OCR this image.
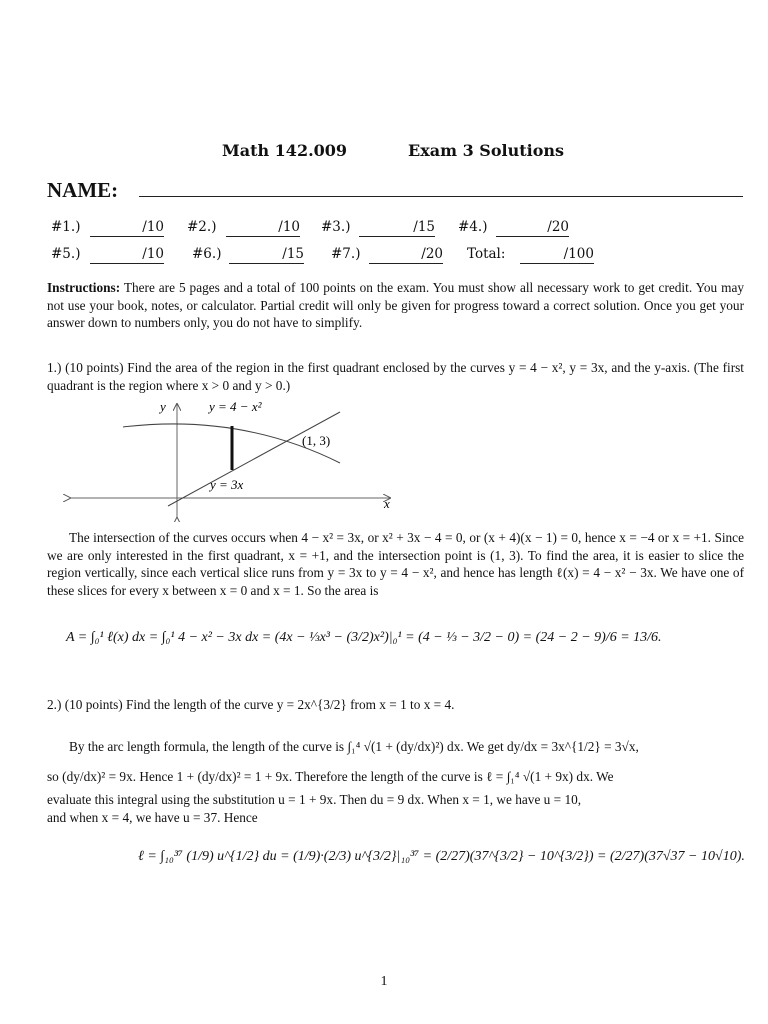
Math 142.009	Exam 3 Solutions
NAME:
#1.)	/10 #2.)	/10 #3.)	/15 #4.)	/20
#5.)	/10 #6.)	/15 #7.)	/20 Total:	/100
Instructions: There are 5 pages and a total of 100 points on the exam. You must show all necessary work to get credit. You may not use your book, notes, or calculator. Partial credit will only be given for progress toward a correct solution. Once you get your answer down to numbers only, you do not have to simplify.
1.) (10 points) Find the area of the region in the first quadrant enclosed by the curves y = 4 − x², y = 3x, and the y-axis. (The first quadrant is the region where x > 0 and y > 0.)
y
x
y = 4 − x²
y = 3x
(1, 3)
The intersection of the curves occurs when 4 − x² = 3x, or x² + 3x − 4 = 0, or (x + 4)(x − 1) = 0, hence x = −4 or x = +1. Since we are only interested in the first quadrant, x = +1, and the intersection point is (1, 3). To find the area, it is easier to slice the region vertically, since each vertical slice runs from y = 3x to y = 4 − x², and hence has length ℓ(x) = 4 − x² − 3x. We have one of these slices for every x between x = 0 and x = 1. So the area is
A = ∫₀¹ ℓ(x) dx = ∫₀¹ 4 − x² − 3x dx = (4x − ⅓x³ − (3/2)x²)|₀¹ = (4 − ⅓ − 3/2 − 0) = (24 − 2 − 9)/6 = 13/6.
2.) (10 points) Find the length of the curve y = 2x^{3/2} from x = 1 to x = 4.
By the arc length formula, the length of the curve is ∫₁⁴ √(1 + (dy/dx)²) dx. We get dy/dx = 3x^{1/2} = 3√x,
so (dy/dx)² = 9x. Hence 1 + (dy/dx)² = 1 + 9x. Therefore the length of the curve is ℓ = ∫₁⁴ √(1 + 9x) dx. We
evaluate this integral using the substitution u = 1 + 9x. Then du = 9 dx. When x = 1, we have u = 10,
and when x = 4, we have u = 37. Hence
ℓ = ∫₁₀³⁷ (1/9) u^{1/2} du = (1/9)·(2/3) u^{3/2}|₁₀³⁷ = (2/27)(37^{3/2} − 10^{3/2}) = (2/27)(37√37 − 10√10).
1
